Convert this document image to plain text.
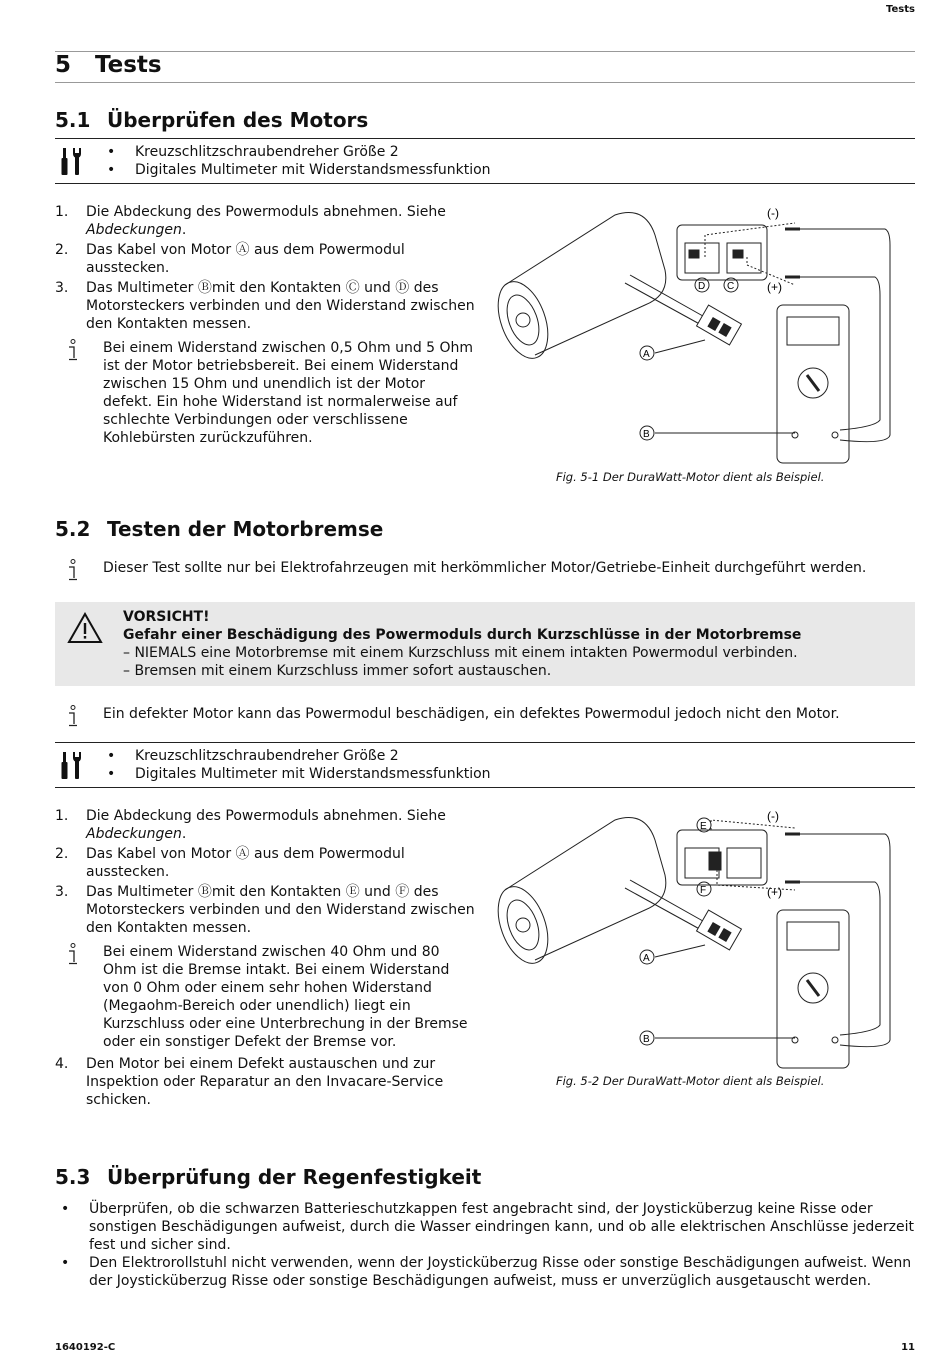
Tests
5 Tests
5.1 Überprüfen des Motors
• Kreuzschlitzschraubendreher Größe 2
• Digitales Multimeter mit Widerstandsmessfunktion
1. Die Abdeckung des Powermoduls abnehmen. Siehe Abdeckungen.
2. Das Kabel von Motor Ⓐ aus dem Powermodul ausstecken.
3. Das Multimeter Ⓑmit den Kontakten Ⓒ und Ⓓ des Motorsteckers verbinden und den Widerstand zwischen den Kontakten messen.
Bei einem Widerstand zwischen 0,5 Ohm und 5 Ohm ist der Motor betriebsbereit. Bei einem Widerstand zwischen 15 Ohm und unendlich ist der Motor defekt. Ein hohe Widerstand ist normalerweise auf schlechte Verbindungen oder verschlissene Kohlebürsten zurückzuführen.
(-)
(+)
D C
A
B
Fig. 5-1 Der DuraWatt-Motor dient als Beispiel.
5.2 Testen der Motorbremse
Dieser Test sollte nur bei Elektrofahrzeugen mit herkömmlicher Motor/Getriebe-Einheit durchgeführt werden.
VORSICHT!
Gefahr einer Beschädigung des Powermoduls durch Kurzschlüsse in der Motorbremse
– NIEMALS eine Motorbremse mit einem Kurzschluss mit einem intakten Powermodul verbinden.
– Bremsen mit einem Kurzschluss immer sofort austauschen.
Ein defekter Motor kann das Powermodul beschädigen, ein defektes Powermodul jedoch nicht den Motor.
• Kreuzschlitzschraubendreher Größe 2
• Digitales Multimeter mit Widerstandsmessfunktion
1. Die Abdeckung des Powermoduls abnehmen. Siehe Abdeckungen.
2. Das Kabel von Motor Ⓐ aus dem Powermodul ausstecken.
3. Das Multimeter Ⓑmit den Kontakten Ⓔ und Ⓕ des Motorsteckers verbinden und den Widerstand zwischen den Kontakten messen.
Bei einem Widerstand zwischen 40 Ohm und 80 Ohm ist die Bremse intakt. Bei einem Widerstand von 0 Ohm oder einem sehr hohen Widerstand (Megaohm-Bereich oder unendlich) liegt ein Kurzschluss oder eine Unterbrechung in der Bremse oder ein sonstiger Defekt der Bremse vor.
4. Den Motor bei einem Defekt austauschen und zur Inspektion oder Reparatur an den Invacare-Service schicken.
(-)
(+)
E
F
A
B
Fig. 5-2 Der DuraWatt-Motor dient als Beispiel.
5.3 Überprüfung der Regenfestigkeit
• Überprüfen, ob die schwarzen Batterieschutzkappen fest angebracht sind, der Joysticküberzug keine Risse oder sonstigen Beschädigungen aufweist, durch die Wasser eindringen kann, und ob alle elektrischen Anschlüsse jederzeit fest und sicher sind.
• Den Elektrorollstuhl nicht verwenden, wenn der Joysticküberzug Risse oder sonstige Beschädigungen aufweist. Wenn der Joysticküberzug Risse oder sonstige Beschädigungen aufweist, muss er unverzüglich ausgetauscht werden.
1640192-C	11
